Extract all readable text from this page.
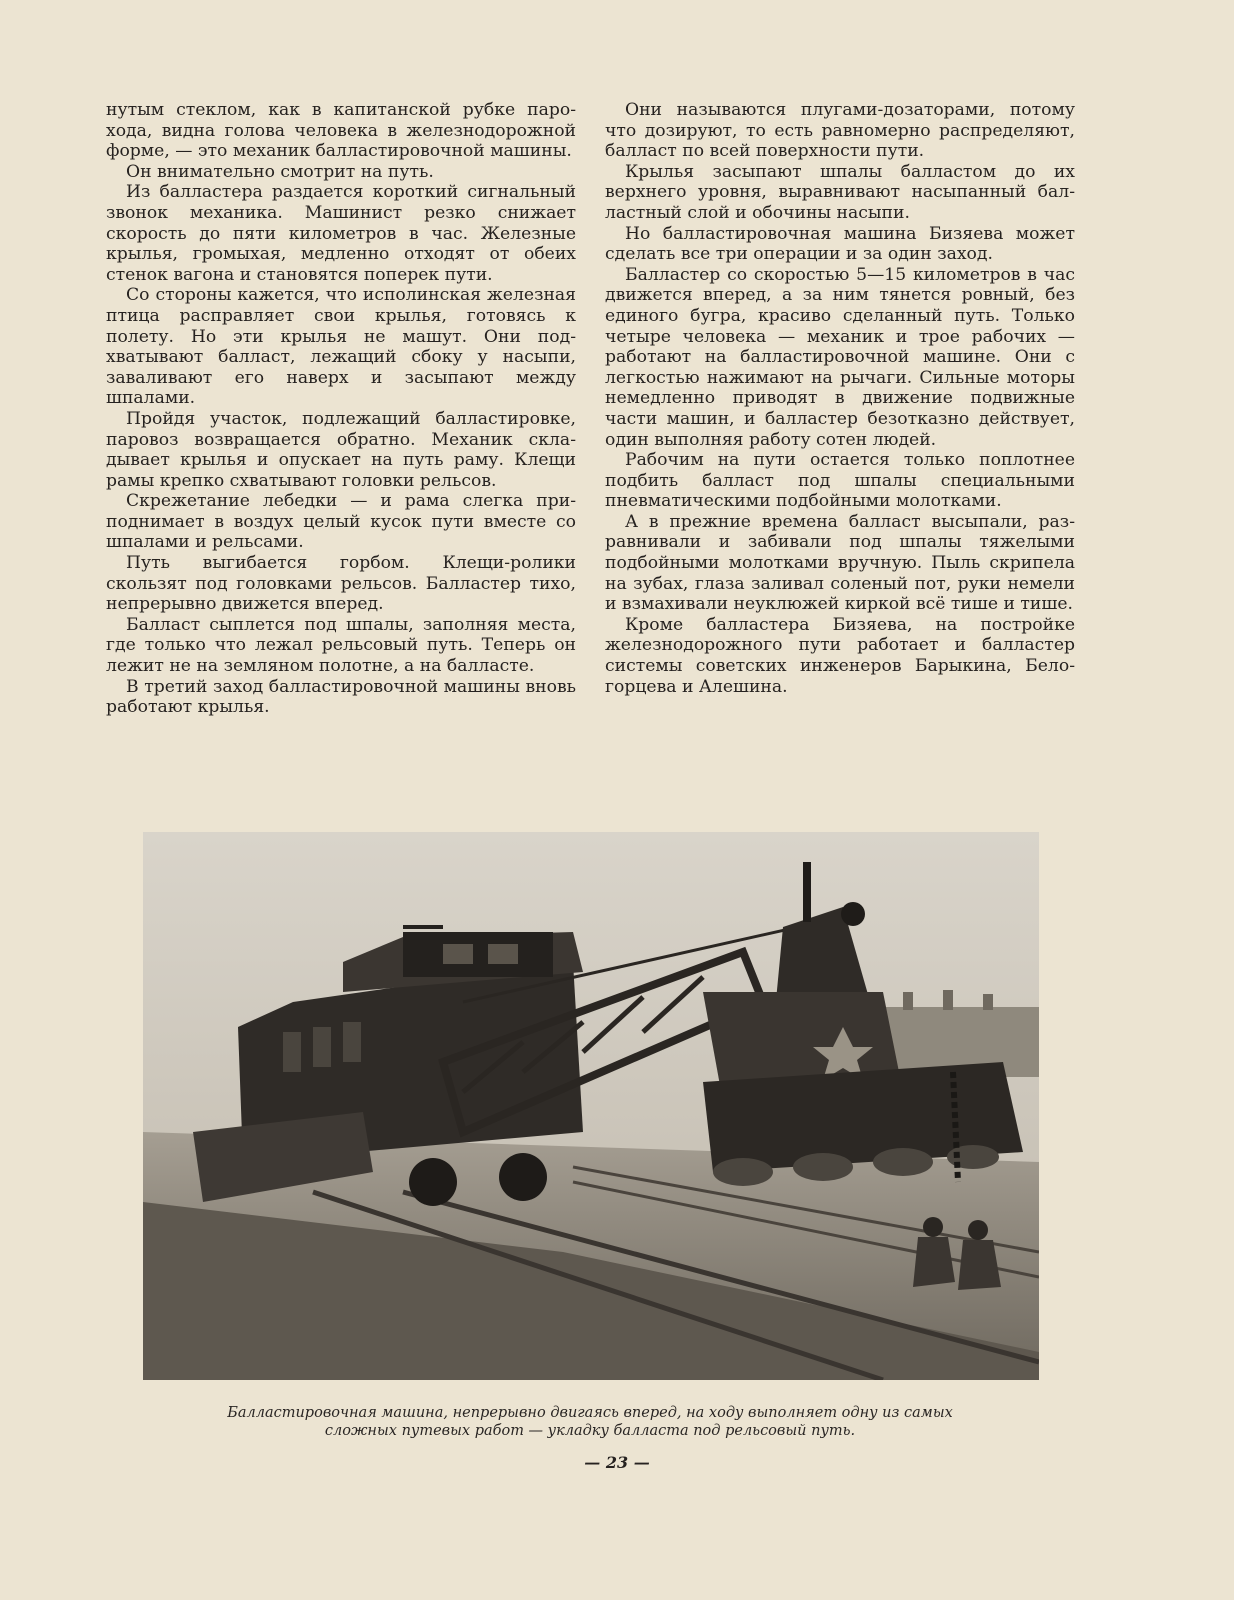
нутым стеклом, как в капитанской рубке парохода, видна голова человека в железнодорожной форме, — это механик балластировочной машины.

Он внимательно смотрит на путь.

Из балластера раздается короткий сигнальный звонок механика. Машинист резко снижает скорость до пяти километров в час. Железные крылья, громыхая, медленно отходят от обеих стенок вагона и становятся поперек пути.

Со стороны кажется, что исполинская железная птица расправляет свои крылья, готовясь к полету. Но эти крылья не машут. Они подхватывают балласт, лежащий сбоку у насыпи, заваливают его наверх и засыпают между шпалами.

Пройдя участок, подлежащий балластировке, паровоз возвращается обратно. Механик складывает крылья и опускает на путь раму. Клещи рамы крепко схватывают головки рельсов.

Скрежетание лебедки — и рама слегка приподнимает в воздух целый кусок пути вместе со шпалами и рельсами.

Путь выгибается горбом. Клещи-ролики скользят под головками рельсов. Балластер тихо, непрерывно движется вперед.

Балласт сыплется под шпалы, заполняя места, где только что лежал рельсовый путь. Теперь он лежит не на земляном полотне, а на балласте.

В третий заход балластировочной машины вновь работают крылья.

Они называются плугами-дозаторами, потому что дозируют, то есть равномерно распределяют, балласт по всей поверхности пути.

Крылья засыпают шпалы балластом до их верхнего уровня, выравнивают насыпанный балластный слой и обочины насыпи.

Но балластировочная машина Бизяева может сделать все три операции и за один заход.

Балластер со скоростью 5—15 километров в час движется вперед, а за ним тянется ровный, без единого бугра, красиво сделанный путь. Только четыре человека — механик и трое рабочих — работают на балластировочной машине. Они с легкостью нажимают на рычаги. Сильные моторы немедленно приводят в движение подвижные части машин, и балластер безотказно действует, один выполняя работу сотен людей.

Рабочим на пути остается только поплотнее подбить балласт под шпалы специальными пневматическими подбойными молотками.

А в прежние времена балласт высыпали, разравнивали и забивали под шпалы тяжелыми подбойными молотками вручную. Пыль скрипела на зубах, глаза заливал соленый пот, руки немели и взмахивали неуклюжей киркой всё тише и тише.

Кроме балластера Бизяева, на постройке железнодорожного пути работает и балластер системы советских инженеров Барыкина, Белогорцева и Алешина.

Балластировочная машина, непрерывно двигаясь вперед, на ходу выполняет одну из самых
сложных путевых работ — укладку балласта под рельсовый путь.
— 23 —
